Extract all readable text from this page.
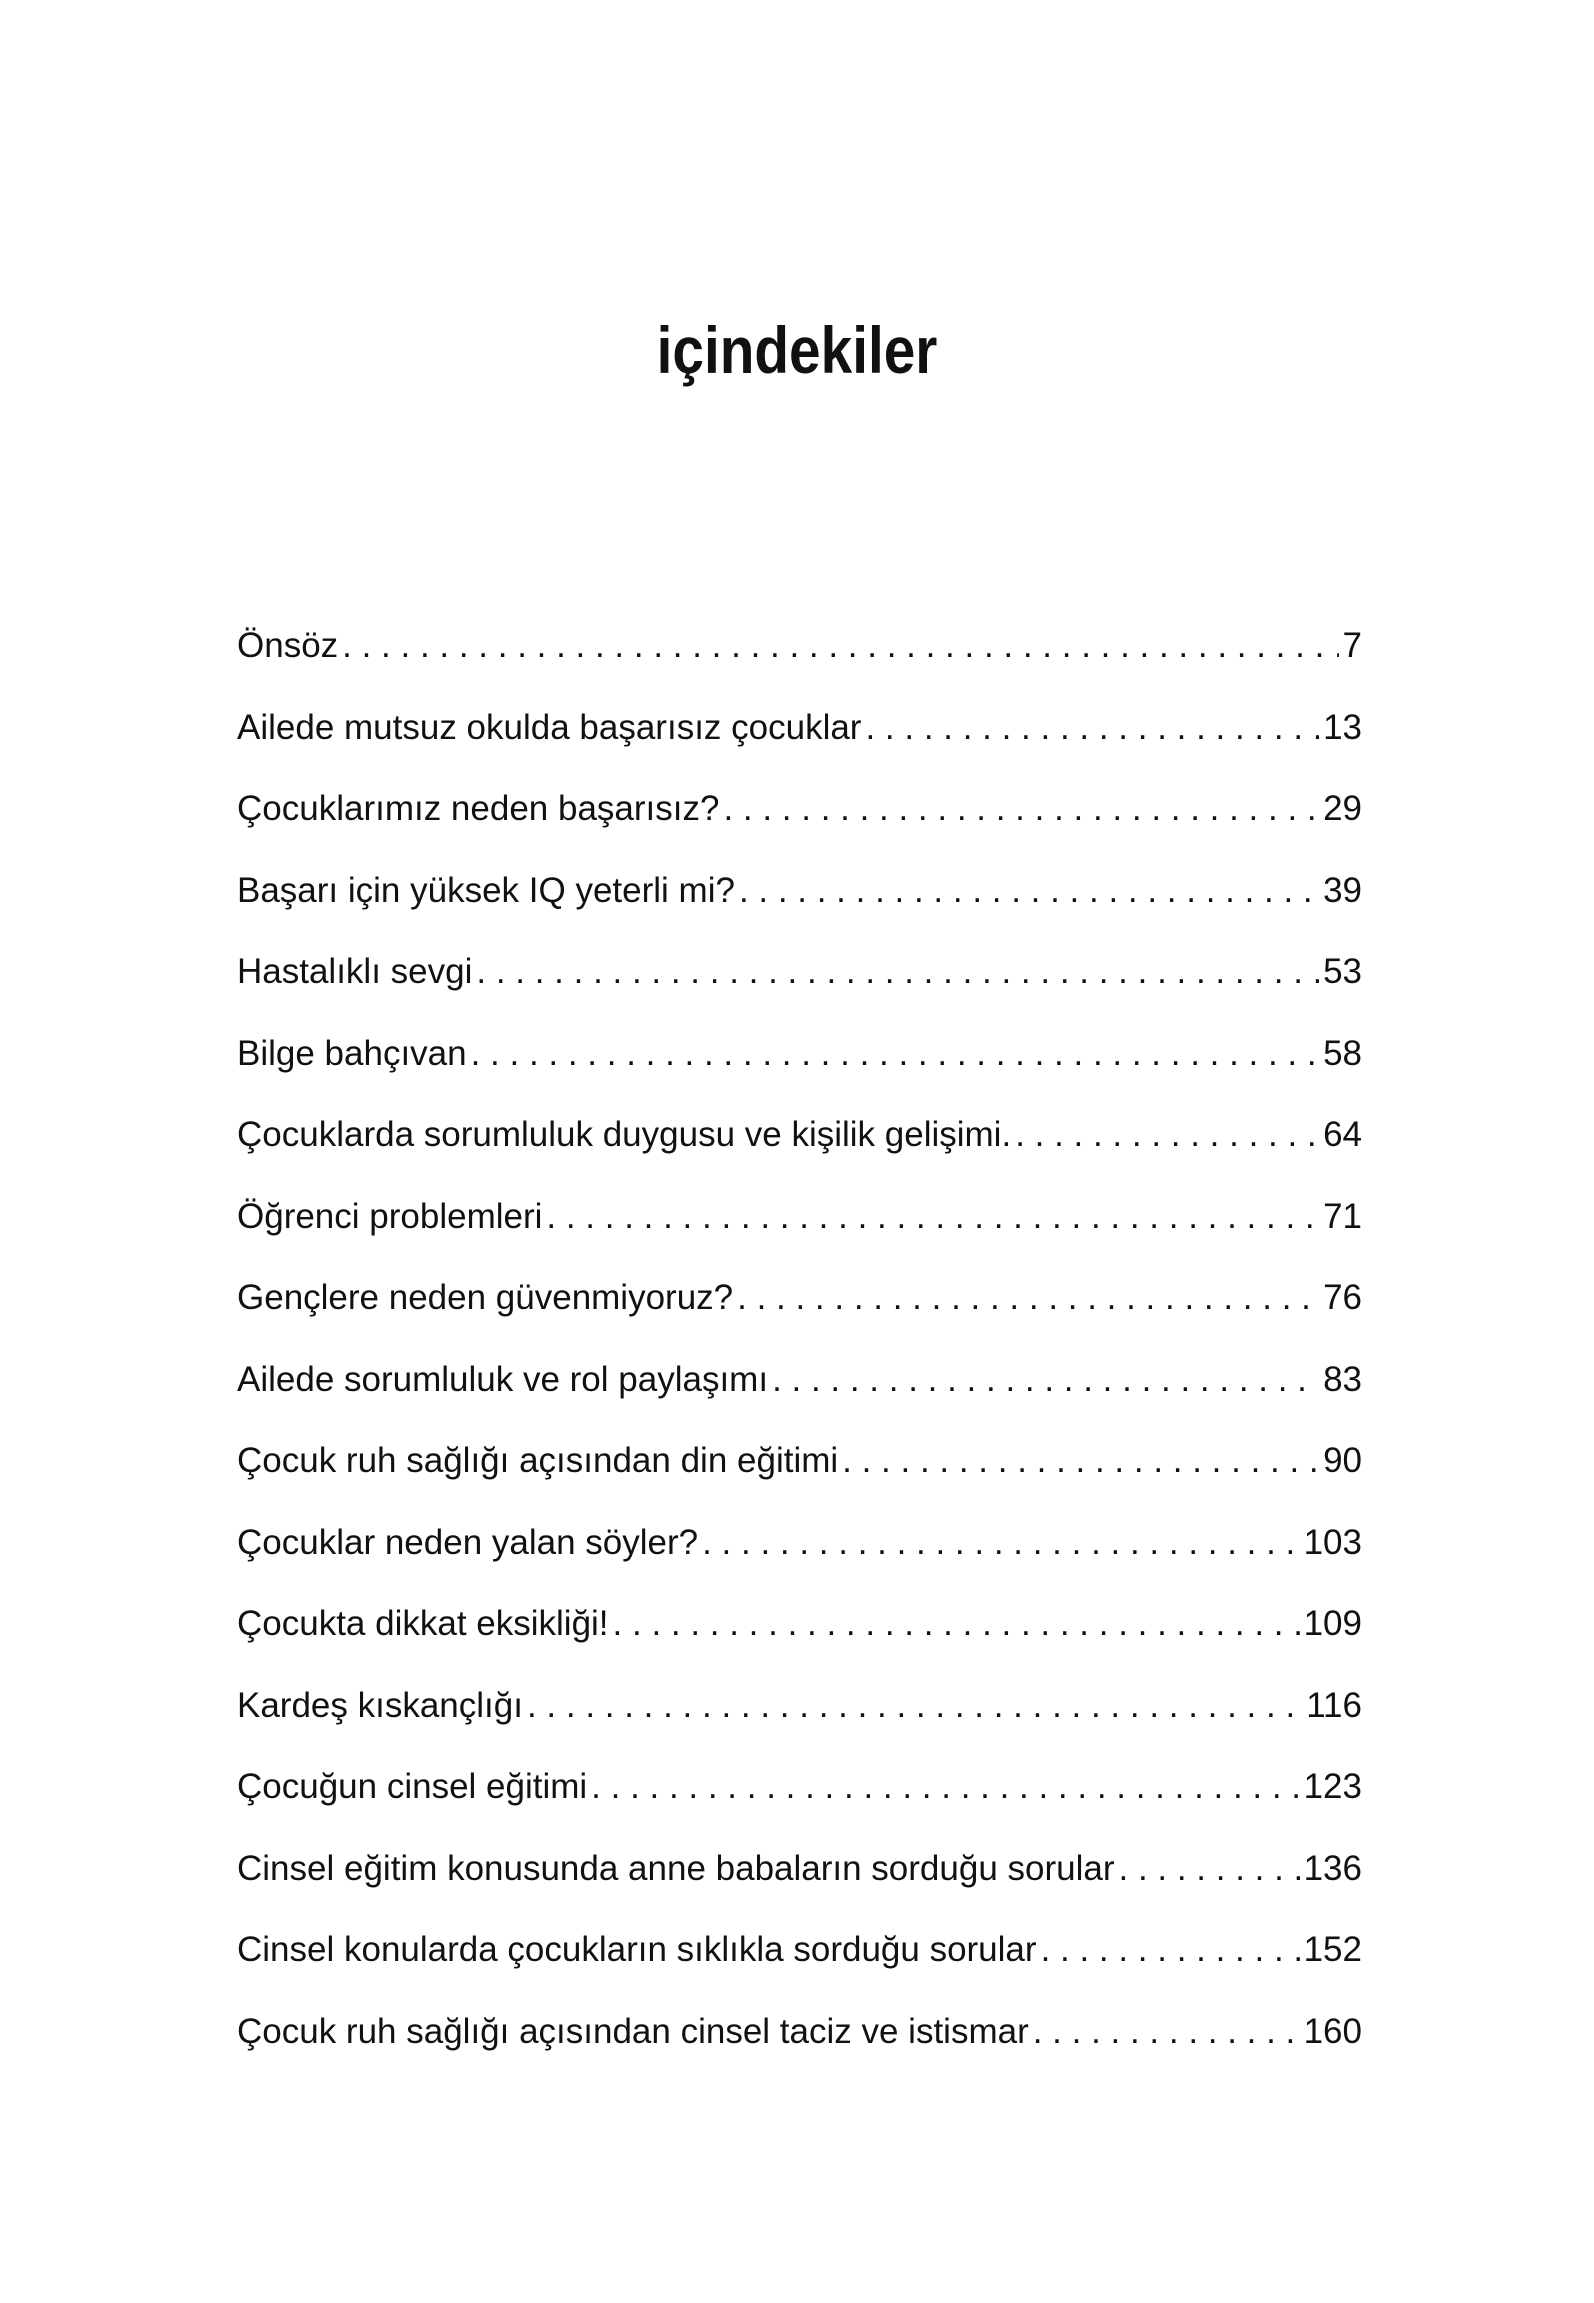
içindekiler
Önsöz . . .	7
Ailede mutsuz okulda başarısız çocuklar . . .	13
Çocuklarımız neden başarısız? . . .	29
Başarı için yüksek IQ yeterli mi? . . .	39
Hastalıklı sevgi . . .	53
Bilge bahçıvan . . .	58
Çocuklarda sorumluluk duygusu ve kişilik gelişimi. . . .	64
Öğrenci problemleri . . .	71
Gençlere neden güvenmiyoruz? . . .	76
Ailede sorumluluk ve rol paylaşımı . . .	83
Çocuk ruh sağlığı açısından din eğitimi . . .	90
Çocuklar neden yalan söyler? . . .	103
Çocukta dikkat eksikliği! . . .	109
Kardeş kıskançlığı . . .	116
Çocuğun cinsel eğitimi . . .	123
Cinsel eğitim konusunda anne babaların sorduğu sorular . . .	136
Cinsel konularda çocukların sıklıkla sorduğu sorular . . .	152
Çocuk ruh sağlığı açısından cinsel taciz ve istismar . . .	160
